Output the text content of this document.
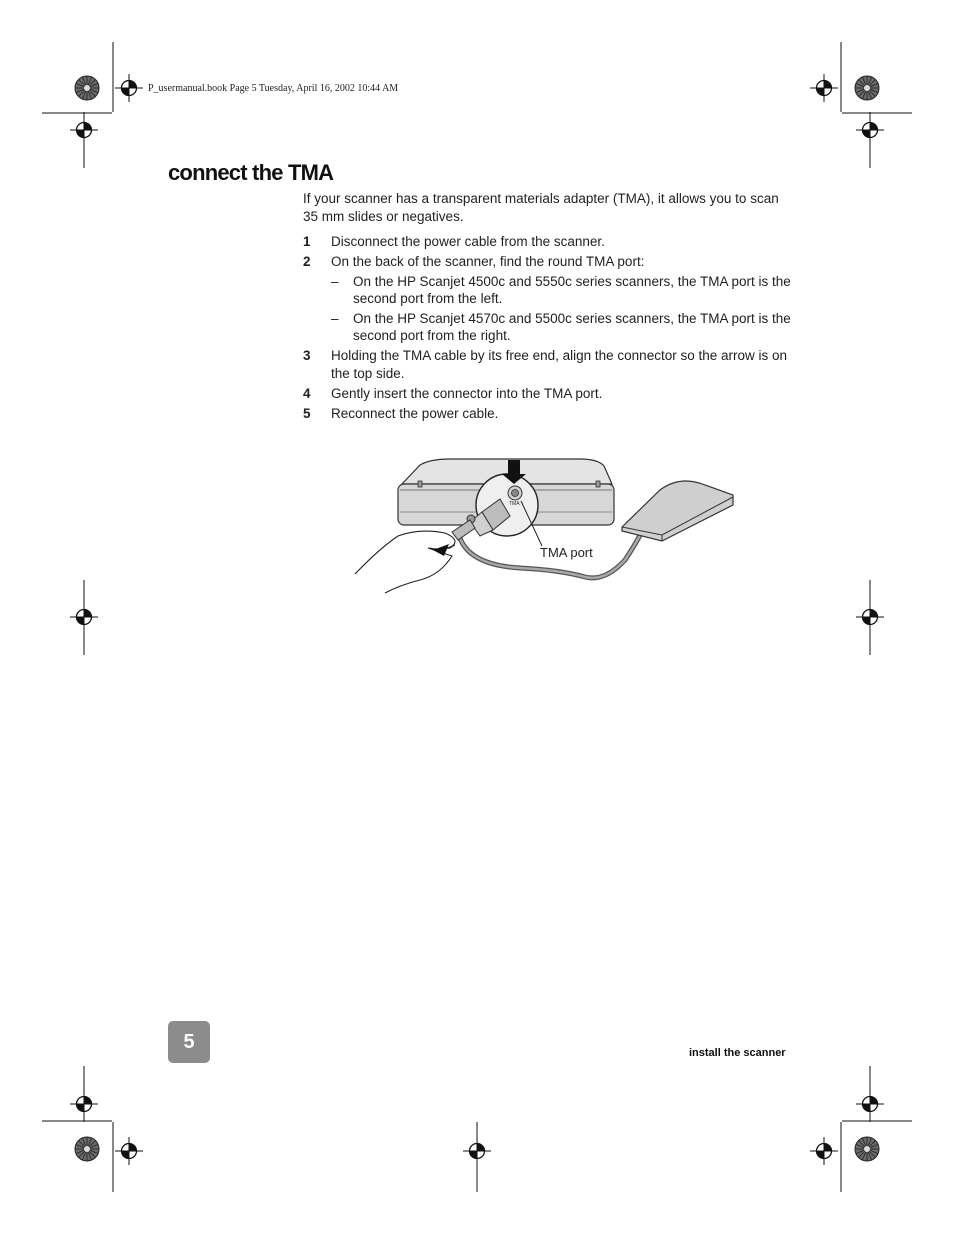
P_usermanual.book Page 5 Tuesday, April 16, 2002 10:44 AM
connect the TMA
If your scanner has a transparent materials adapter (TMA), it allows you to scan 35 mm slides or negatives.
1 Disconnect the power cable from the scanner.
2 On the back of the scanner, find the round TMA port:
– On the HP Scanjet 4500c and 5550c series scanners, the TMA port is the second port from the left.
– On the HP Scanjet 4570c and 5500c series scanners, the TMA port is the second port from the right.
3 Holding the TMA cable by its free end, align the connector so the arrow is on the top side.
4 Gently insert the connector into the TMA port.
5 Reconnect the power cable.
TMA
TMA port
5
install the scanner
